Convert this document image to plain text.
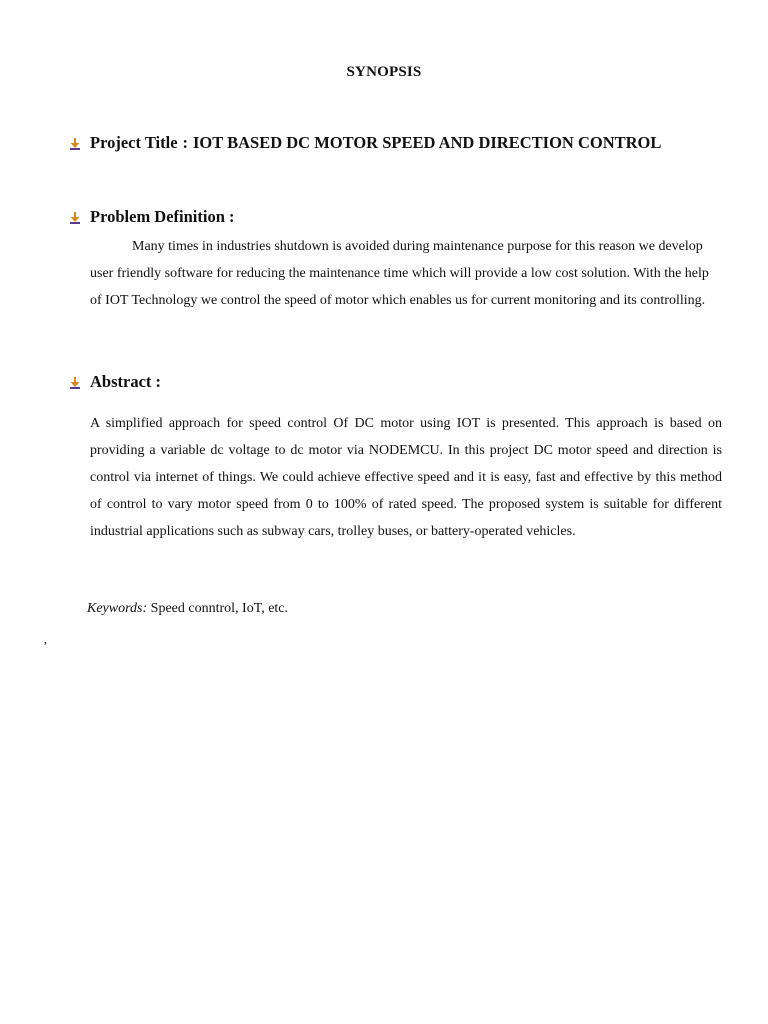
SYNOPSIS
Project Title : IOT BASED DC MOTOR SPEED AND DIRECTION CONTROL
Problem Definition :

Many times in industries shutdown is avoided during maintenance purpose for this reason we develop user friendly software for reducing the maintenance time which will provide a low cost solution. With the help of IOT Technology we control the speed of motor which enables us for current monitoring and its controlling.

Abstract :

A simplified approach for speed control Of DC motor using IOT is presented. This approach is based on providing a variable dc voltage to dc motor via NODEMCU. In this project DC motor speed and direction is control via internet of things. We could achieve effective speed and it is easy, fast and effective by this method of control to vary motor speed from 0 to 100% of rated speed. The proposed system is suitable for different industrial applications such as subway cars, trolley buses, or battery-operated vehicles.

Keywords: Speed conntrol, IoT, etc.
,
